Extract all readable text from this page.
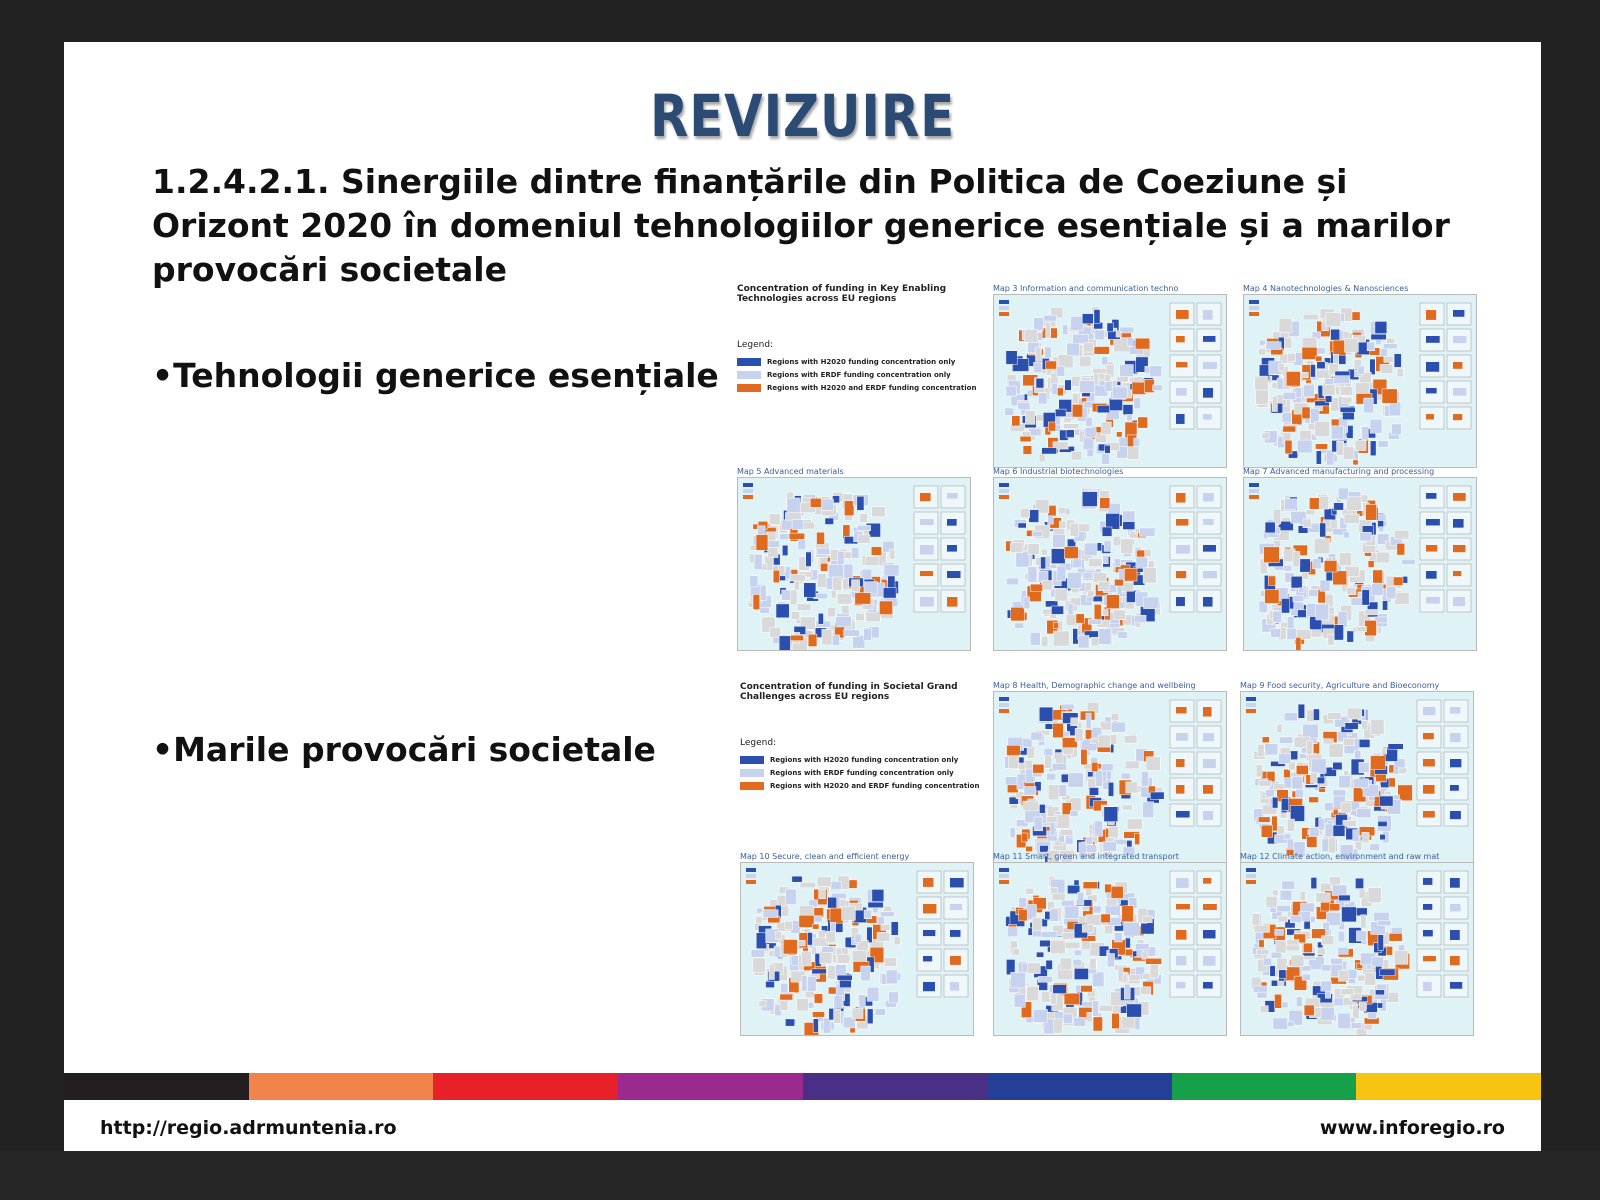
REVIZUIRE
1.2.4.2.1. Sinergiile dintre finanțările din Politica de Coeziune și Orizont 2020 în domeniul tehnologiilor generice esențiale și a marilor provocări societale
•Tehnologii generice esențiale
•Marile provocări societale
Concentration of funding in Key Enabling Technologies across EU regions
Legend:
Regions with H2020 funding concentration only
Regions with ERDF funding concentration only
Regions with H2020 and ERDF funding concentration
Concentration of funding in Societal Grand Challenges across EU regions
Legend:
Regions with H2020 funding concentration only
Regions with ERDF funding concentration only
Regions with H2020 and ERDF funding concentration
Map 3 Information and communication techno	Map 4 Nanotechnologies & Nanosciences
Map 5 Advanced materials	Map 6 Industrial biotechnologies	Map 7 Advanced manufacturing and processing
Map 8 Health, Demographic change and wellbeing	Map 9 Food security, Agriculture and Bioeconomy
Map 10 Secure, clean and efficient energy	Map 11 Smart, green and integrated transport	Map 12 Climate action, environment and raw mat
http://regio.adrmuntenia.ro	www.inforegio.ro
